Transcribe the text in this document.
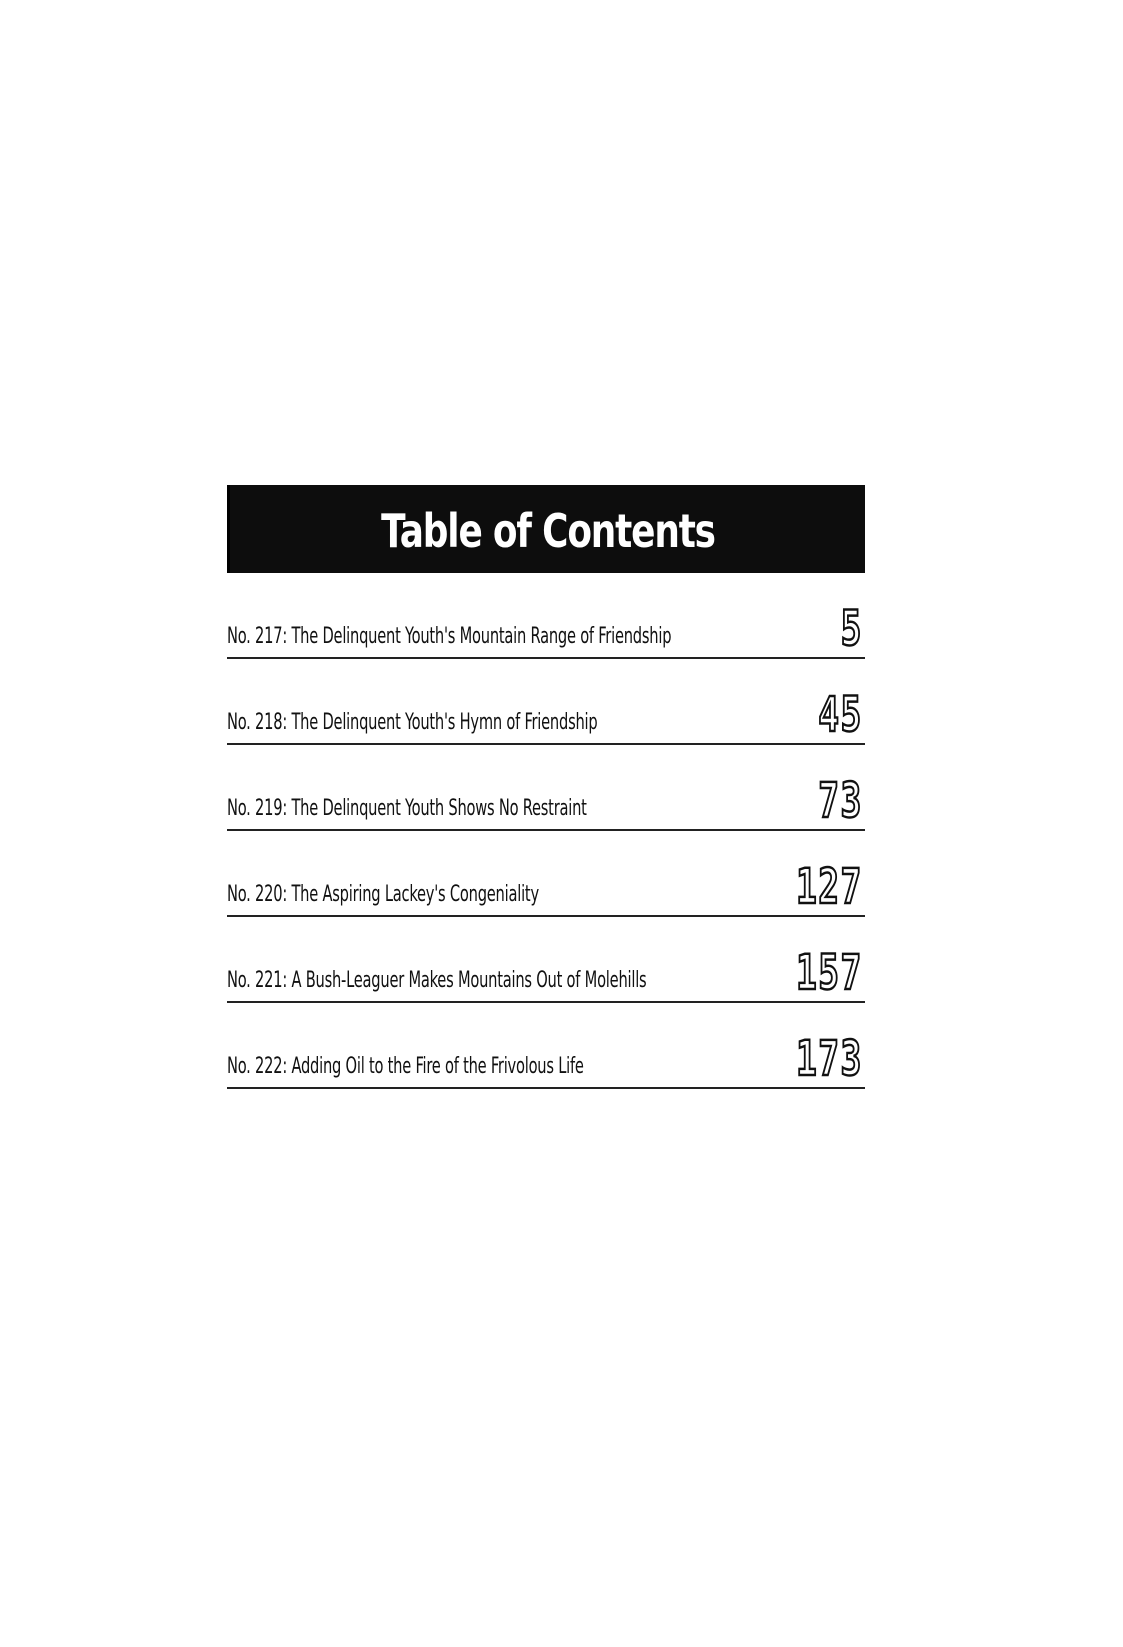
Table of Contents
No. 217: The Delinquent Youth's Mountain Range of Friendship	5
No. 218: The Delinquent Youth's Hymn of Friendship	45
No. 219: The Delinquent Youth Shows No Restraint	73
No. 220: The Aspiring Lackey's Congeniality	127
No. 221: A Bush-Leaguer Makes Mountains Out of Molehills	157
No. 222: Adding Oil to the Fire of the Frivolous Life	173
